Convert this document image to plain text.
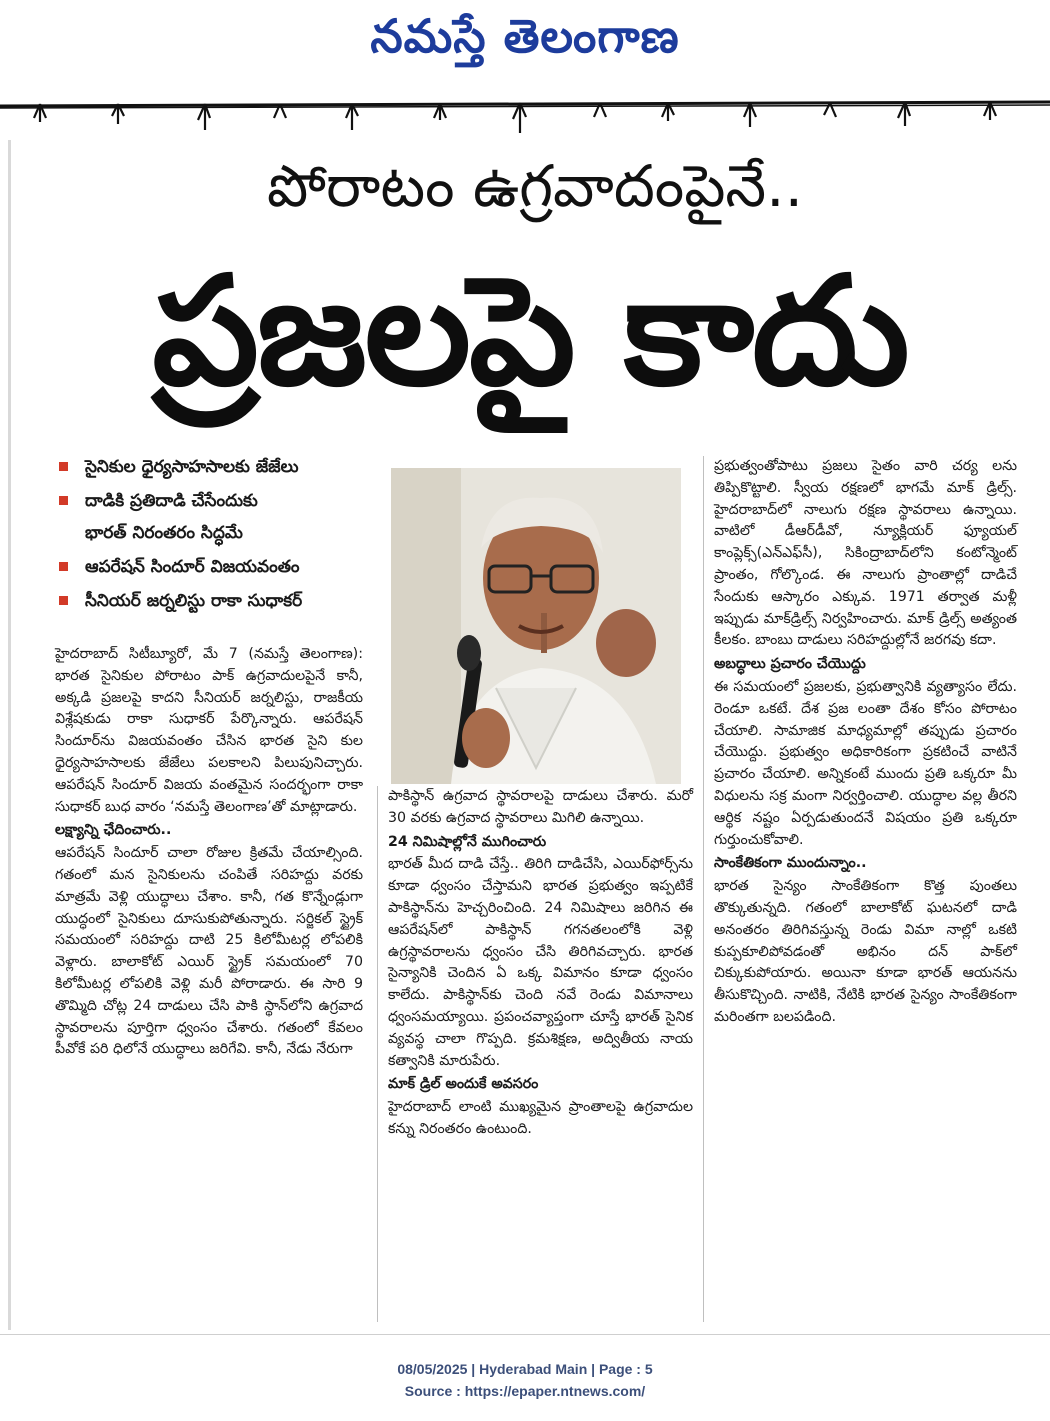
నమస్తే తెలంగాణ
పోరాటం ఉగ్రవాదంపైనే..
ప్రజలపై కాదు
సైనికుల ధైర్యసాహసాలకు జేజేలు
దాడికి ప్రతిదాడి చేసేందుకు
భారత్ నిరంతరం సిద్ధమే
ఆపరేషన్ సిందూర్ విజయవంతం
సీనియర్ జర్నలిస్టు రాకా సుధాకర్

హైదరాబాద్ సిటీబ్యూరో, మే 7 (నమస్తే తెలంగాణ): భారత సైనికుల పోరాటం పాక్ ఉగ్రవాదులపైనే కానీ, అక్కడి ప్రజలపై కాదని సీనియర్ జర్నలిస్టు, రాజకీయ విశ్లేషకుడు రాకా సుధాకర్ పేర్కొన్నారు. ఆపరేషన్ సిందూర్‌ను విజయవంతం చేసిన భారత సైని కుల ధైర్యసాహసాలకు జేజేలు పలకాలని పిలుపునిచ్చారు. ఆపరేషన్ సిందూర్ విజయ వంతమైన సందర్భంగా రాకా సుధాకర్ బుధ వారం ‘నమస్తే తెలంగాణ’తో మాట్లాడారు.

లక్ష్యాన్ని ఛేదించారు..

ఆపరేషన్ సిందూర్ చాలా రోజుల క్రితమే చేయాల్సింది. గతంలో మన సైనికులను చంపితే సరిహద్దు వరకు మాత్రమే వెళ్లి యుద్ధాలు చేశాం. కానీ, గత కొన్నేండ్లుగా యుద్ధంలో సైనికులు దూసుకుపోతున్నారు. సర్జికల్ స్ట్రైక్ సమయంలో సరిహద్దు దాటి 25 కిలోమీటర్ల లోపలికి వెళ్లారు. బాలాకోట్ ఎయిర్ స్ట్రైక్ సమయంలో 70 కిలోమీటర్ల లోపలికి వెళ్లి మరీ పోరాడారు. ఈ సారి 9 తొమ్మిది చోట్ల 24 దాడులు చేసి పాకి స్థాన్‌లోని ఉగ్రవాద స్థావరాలను పూర్తిగా ధ్వంసం చేశారు. గతంలో కేవలం పీవోకే పరి ధిలోనే యుద్ధాలు జరిగేవి. కానీ, నేడు నేరుగా

పాకిస్థాన్ ఉగ్రవాద స్థావరాలపై దాడులు చేశారు. మరో 30 వరకు ఉగ్రవాద స్థావరాలు మిగిలి ఉన్నాయి.

24 నిమిషాల్లోనే ముగించారు

భారత్ మీద దాడి చేస్తే.. తిరిగి దాడిచేసి, ఎయిర్‌ఫోర్స్‌ను కూడా ధ్వంసం చేస్తామని భారత ప్రభుత్వం ఇప్పటికే పాకిస్థాన్‌ను హెచ్చరించింది. 24 నిమిషాలు జరిగిన ఈ ఆపరేషన్‌లో పాకిస్థాన్ గగనతలంలోకి వెళ్లి ఉగ్రస్థావరాలను ధ్వంసం చేసి తిరిగివచ్చారు. భారత సైన్యానికి చెందిన ఏ ఒక్క విమానం కూడా ధ్వంసం కాలేదు. పాకిస్థాన్‌కు చెంది నవే రెండు విమానాలు ధ్వంసమయ్యాయి. ప్రపంచవ్యాప్తంగా చూస్తే భారత్ సైనిక వ్యవస్థ చాలా గొప్పది. క్రమశిక్షణ, అద్వితీయ నాయ కత్వానికి మారుపేరు.

మాక్ డ్రిల్ అందుకే అవసరం

హైదరాబాద్ లాంటి ముఖ్యమైన ప్రాంతాలపై ఉగ్రవాదుల కన్ను నిరంతరం ఉంటుంది.

ప్రభుత్వంతోపాటు ప్రజలు సైతం వారి చర్య లను తిప్పికొట్టాలి. స్వీయ రక్షణలో భాగమే మాక్ డ్రిల్స్. హైదరాబాద్‌లో నాలుగు రక్షణ స్థావరాలు ఉన్నాయి. వాటిలో డీఆర్‌డీవో, న్యూక్లియర్ ఫ్యూయల్ కాంప్లెక్స్(ఎన్‌ఎఫ్‌సీ), సికింద్రాబాద్‌లోని కంటోన్మెంట్ ప్రాంతం, గోల్కొండ. ఈ నాలుగు ప్రాంతాల్లో దాడిచే సేందుకు ఆస్కారం ఎక్కువ. 1971 తర్వాత మళ్లీ ఇప్పుడు మాక్‌డ్రిల్స్ నిర్వహించారు. మాక్ డ్రిల్స్ అత్యంత కీలకం. బాంబు దాడులు సరిహద్దుల్లోనే జరగవు కదా.

అబద్ధాలు ప్రచారం చేయొద్దు

ఈ సమయంలో ప్రజలకు, ప్రభుత్వానికి వ్యత్యాసం లేదు. రెండూ ఒకటే. దేశ ప్రజ లంతా దేశం కోసం పోరాటం చేయాలి. సామాజిక మాధ్యమాల్లో తప్పుడు ప్రచారం చేయొద్దు. ప్రభుత్వం అధికారికంగా ప్రకటించే వాటినే ప్రచారం చేయాలి. అన్నికంటే ముందు ప్రతి ఒక్కరూ మీ విధులను సక్ర మంగా నిర్వర్తించాలి. యుద్ధాల వల్ల తీరని ఆర్థిక నష్టం ఏర్పడుతుందనే విషయం ప్రతి ఒక్కరూ గుర్తుంచుకోవాలి.

సాంకేతికంగా ముందున్నాం..

భారత సైన్యం సాంకేతికంగా కొత్త పుంతలు తొక్కుతున్నది. గతంలో బాలాకోట్ ఘటనలో దాడి అనంతరం తిరిగివస్తున్న రెండు విమా నాల్లో ఒకటి కుప్పకూలిపోవడంతో అభినం దన్ పాక్‌లో చిక్కుకుపోయారు. అయినా కూడా భారత్ ఆయనను తీసుకొచ్చింది. నాటికి, నేటికి భారత సైన్యం సాంకేతికంగా మరింతగా బలపడింది.

08/05/2025 | Hyderabad Main | Page : 5
Source : https://epaper.ntnews.com/
